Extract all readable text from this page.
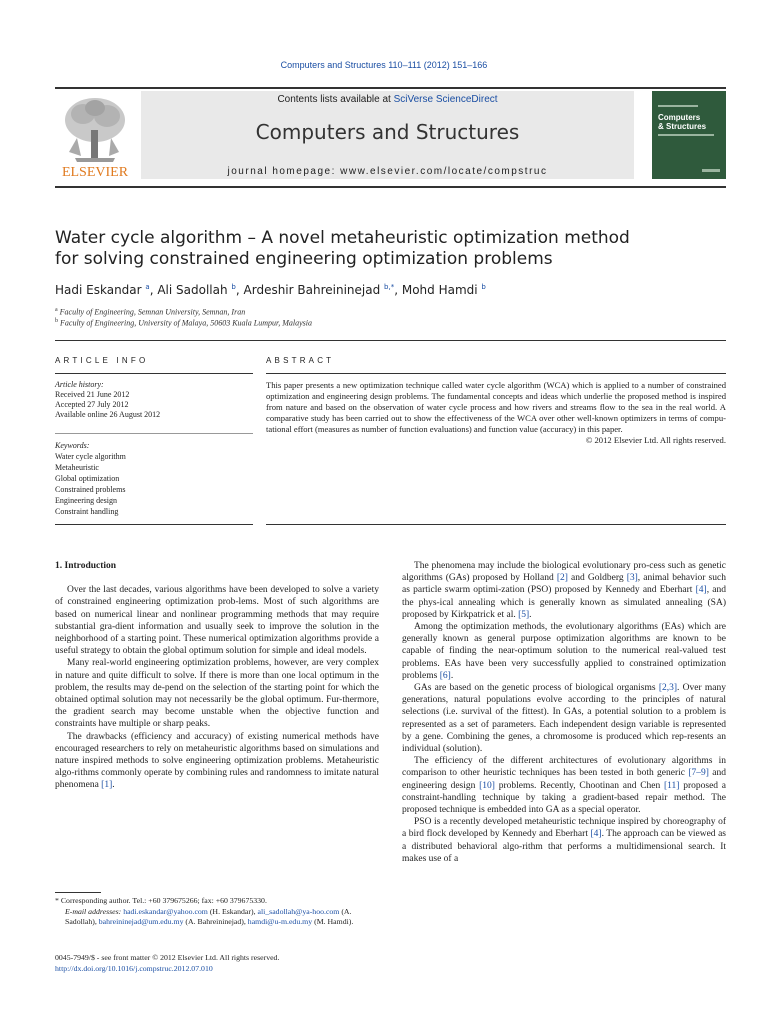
Computers and Structures 110–111 (2012) 151–166
ELSEVIER
Contents lists available at SciVerse ScienceDirect
Computers and Structures
journal homepage: www.elsevier.com/locate/compstruc
Computers
& Structures
Water cycle algorithm – A novel metaheuristic optimization method
for solving constrained engineering optimization problems
Hadi Eskandar $^a$, Ali Sadollah $^b$, Ardeshir Bahreininejad $^{b,*}$, Mohd Hamdi $^b$
$^a$ Faculty of Engineering, Semnan University, Semnan, Iran
$^b$ Faculty of Engineering, University of Malaya, 50603 Kuala Lumpur, Malaysia
ARTICLE INFO	ABSTRACT
Article history:
Received 21 June 2012
Accepted 27 July 2012
Available online 26 August 2012
Keywords:
Water cycle algorithm
Metaheuristic
Global optimization
Constrained problems
Engineering design
Constraint handling
This paper presents a new optimization technique called water cycle algorithm (WCA) which is applied to a number of constrained optimization and engineering design problems. The fundamental concepts and ideas which underlie the proposed method is inspired from nature and based on the observation of water cycle process and how rivers and streams flow to the sea in the real world. A comparative study has been carried out to show the effectiveness of the WCA over other well-known optimizers in terms of compu-tational effort (measures as number of function evaluations) and function value (accuracy) in this paper.
© 2012 Elsevier Ltd. All rights reserved.

1. Introduction

Over the last decades, various algorithms have been developed to solve a variety of constrained engineering optimization prob-lems. Most of such algorithms are based on numerical linear and nonlinear programming methods that may require substantial gra-dient information and usually seek to improve the solution in the neighborhood of a starting point. These numerical optimization algorithms provide a useful strategy to obtain the global optimum solution for simple and ideal models.

Many real-world engineering optimization problems, however, are very complex in nature and quite difficult to solve. If there is more than one local optimum in the problem, the results may de-pend on the selection of the starting point for which the obtained optimal solution may not necessarily be the global optimum. Fur-thermore, the gradient search may become unstable when the objective function and constraints have multiple or sharp peaks.

The drawbacks (efficiency and accuracy) of existing numerical methods have encouraged researchers to rely on metaheuristic algorithms based on simulations and nature inspired methods to solve engineering optimization problems. Metaheuristic algo-rithms commonly operate by combining rules and randomness to imitate natural phenomena [1].

The phenomena may include the biological evolutionary pro-cess such as genetic algorithms (GAs) proposed by Holland [2] and Goldberg [3], animal behavior such as particle swarm optimi-zation (PSO) proposed by Kennedy and Eberhart [4], and the phys-ical annealing which is generally known as simulated annealing (SA) proposed by Kirkpatrick et al. [5].

Among the optimization methods, the evolutionary algorithms (EAs) which are generally known as general purpose optimization algorithms are known to be capable of finding the near-optimum solution to the numerical real-valued test problems. EAs have been very successfully applied to constrained optimization problems [6].

GAs are based on the genetic process of biological organisms [2,3]. Over many generations, natural populations evolve according to the principles of natural selections (i.e. survival of the fittest). In GAs, a potential solution to a problem is represented as a set of parameters. Each independent design variable is represented by a gene. Combining the genes, a chromosome is produced which rep-resents an individual (solution).

The efficiency of the different architectures of evolutionary algorithms in comparison to other heuristic techniques has been tested in both generic [7–9] and engineering design [10] problems. Recently, Chootinan and Chen [11] proposed a constraint-handling technique by taking a gradient-based repair method. The proposed technique is embedded into GA as a special operator.

PSO is a recently developed metaheuristic technique inspired by choreography of a bird flock developed by Kennedy and Eberhart [4]. The approach can be viewed as a distributed behavioral algo-rithm that performs a multidimensional search. It makes use of a

* Corresponding author. Tel.: +60 379675266; fax: +60 379675330.
E-mail addresses: hadi.eskandar@yahoo.com (H. Eskandar), ali_sadollah@ya-hoo.com (A. Sadollah), bahreininejad@um.edu.my (A. Bahreininejad), hamdi@u-m.edu.my (M. Hamdi).
0045-7949/$ - see front matter © 2012 Elsevier Ltd. All rights reserved.
http://dx.doi.org/10.1016/j.compstruc.2012.07.010
